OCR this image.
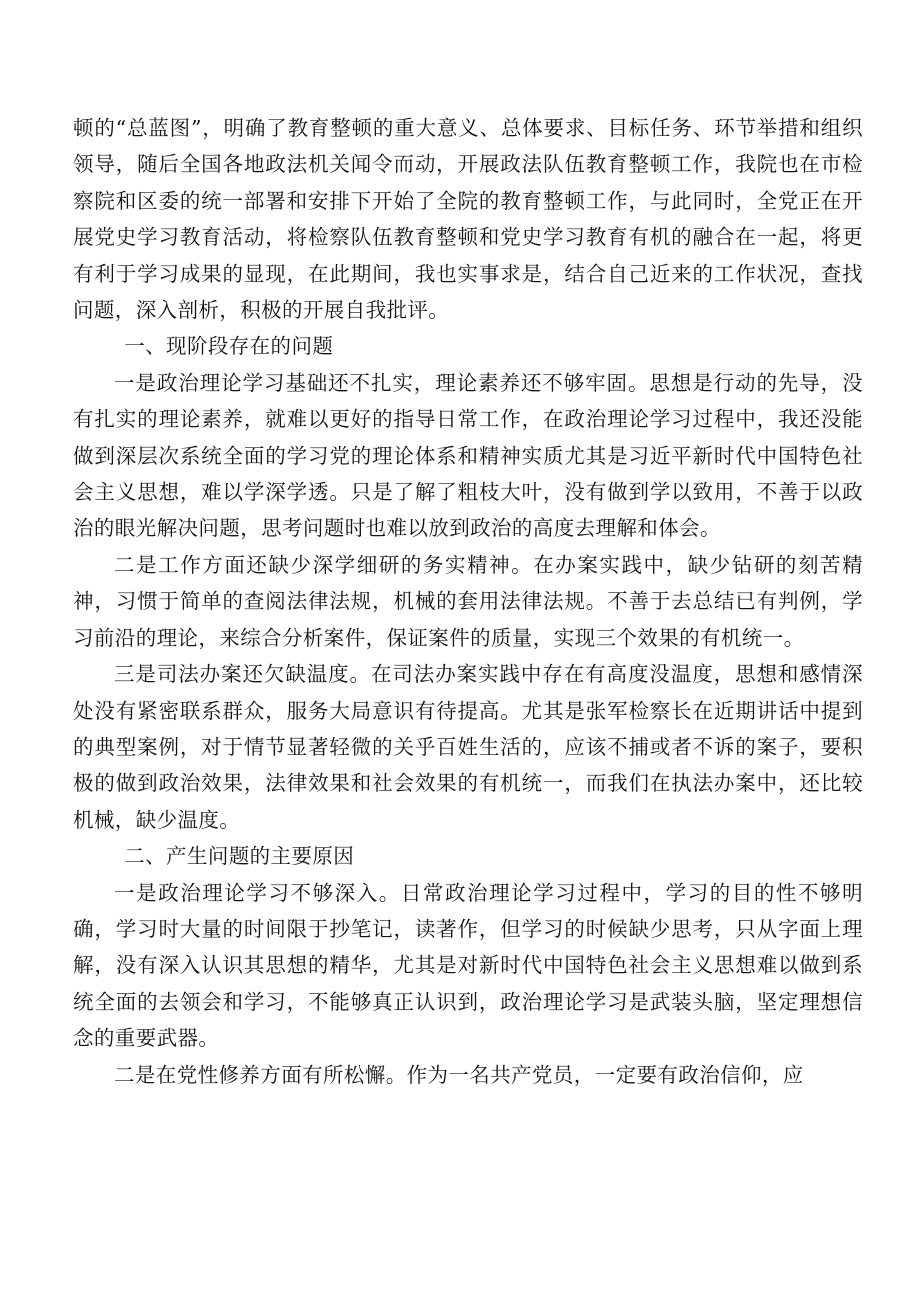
顿的“总蓝图”，明确了教育整顿的重大意义、总体要求、目标任务、环节举措和组织领导，随后全国各地政法机关闻令而动，开展政法队伍教育整顿工作，我院也在市检察院和区委的统一部署和安排下开始了全院的教育整顿工作，与此同时，全党正在开展党史学习教育活动，将检察队伍教育整顿和党史学习教育有机的融合在一起，将更有利于学习成果的显现，在此期间，我也实事求是，结合自己近来的工作状况，查找问题，深入剖析，积极的开展自我批评。

一、现阶段存在的问题

一是政治理论学习基础还不扎实，理论素养还不够牢固。思想是行动的先导，没有扎实的理论素养，就难以更好的指导日常工作，在政治理论学习过程中，我还没能做到深层次系统全面的学习党的理论体系和精神实质尤其是习近平新时代中国特色社会主义思想，难以学深学透。只是了解了粗枝大叶，没有做到学以致用，不善于以政治的眼光解决问题，思考问题时也难以放到政治的高度去理解和体会。

二是工作方面还缺少深学细研的务实精神。在办案实践中，缺少钻研的刻苦精神，习惯于简单的查阅法律法规，机械的套用法律法规。不善于去总结已有判例，学习前沿的理论，来综合分析案件，保证案件的质量，实现三个效果的有机统一。

三是司法办案还欠缺温度。在司法办案实践中存在有高度没温度，思想和感情深处没有紧密联系群众，服务大局意识有待提高。尤其是张军检察长在近期讲话中提到的典型案例，对于情节显著轻微的关乎百姓生活的，应该不捕或者不诉的案子，要积极的做到政治效果，法律效果和社会效果的有机统一，而我们在执法办案中，还比较机械，缺少温度。

二、产生问题的主要原因

一是政治理论学习不够深入。日常政治理论学习过程中，学习的目的性不够明确，学习时大量的时间限于抄笔记，读著作，但学习的时候缺少思考，只从字面上理解，没有深入认识其思想的精华，尤其是对新时代中国特色社会主义思想难以做到系统全面的去领会和学习，不能够真正认识到，政治理论学习是武装头脑，坚定理想信念的重要武器。

二是在党性修养方面有所松懈。作为一名共产党员，一定要有政治信仰，应
